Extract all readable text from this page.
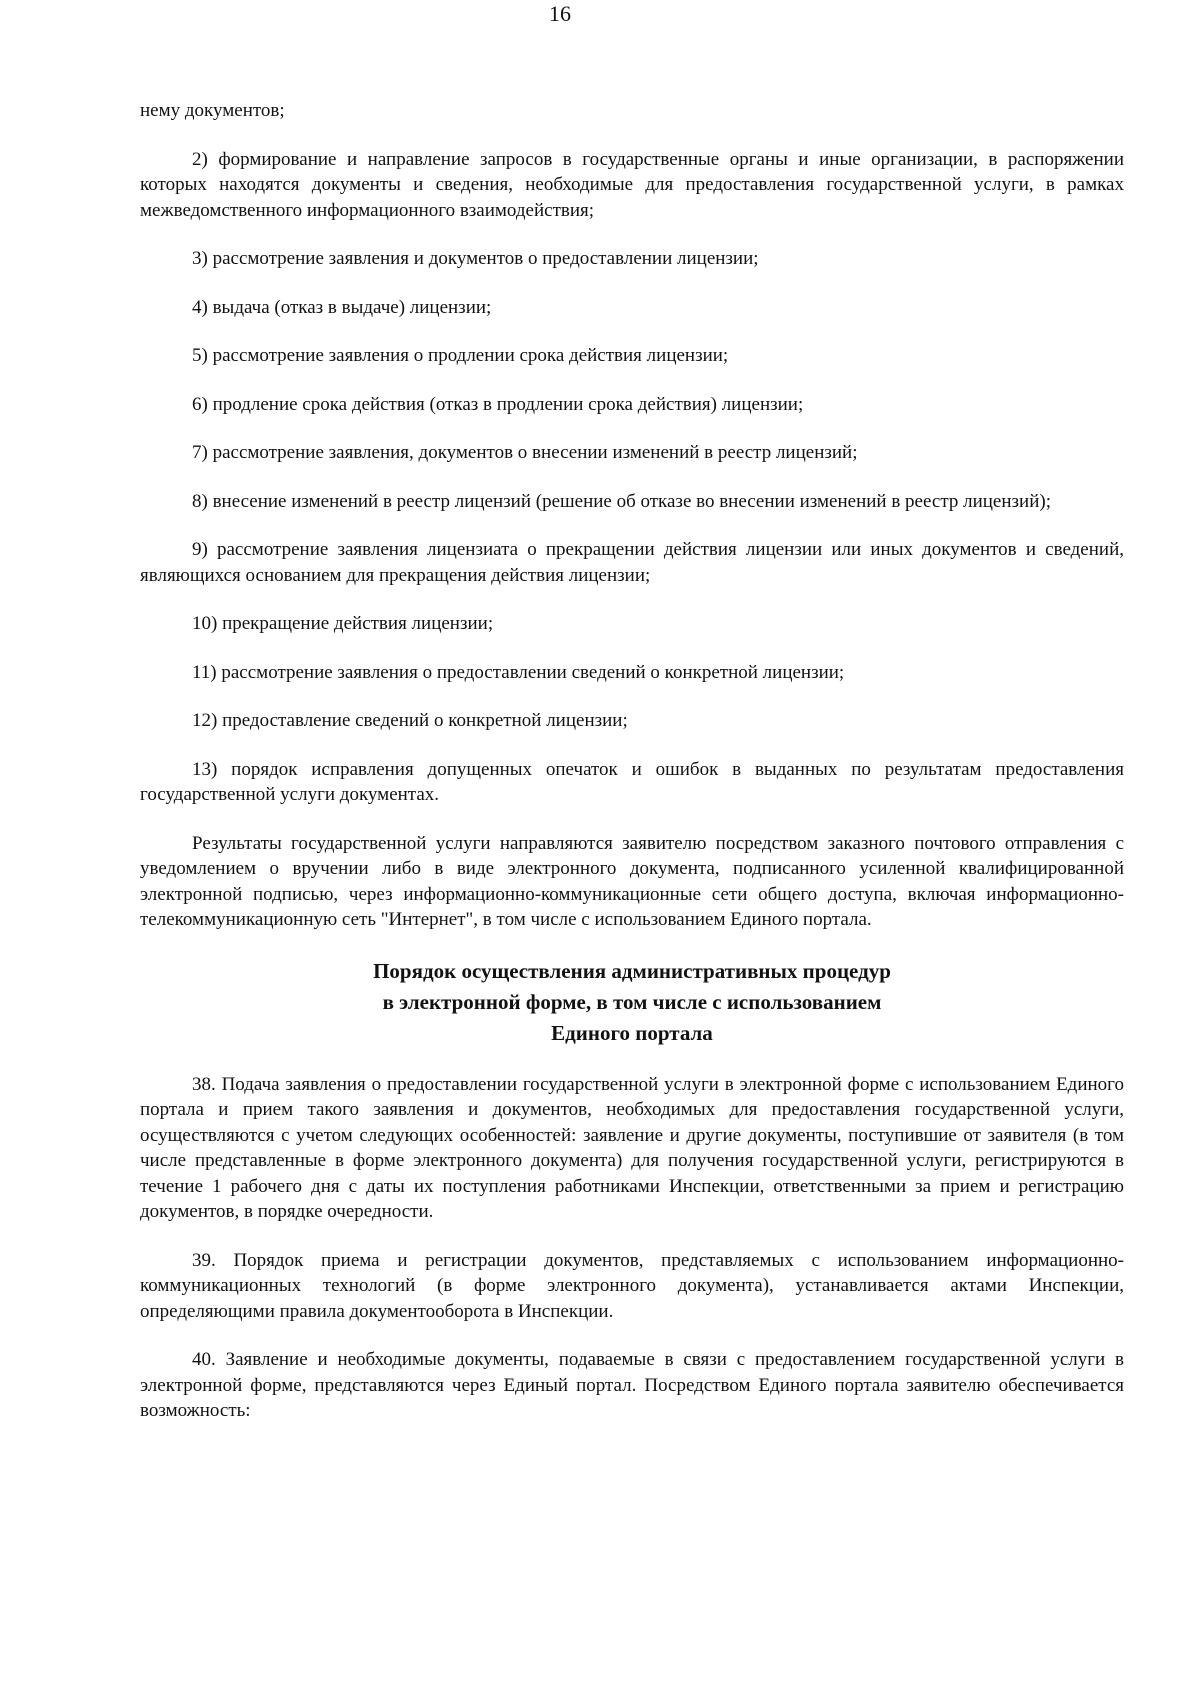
16

нему документов;

2) формирование и направление запросов в государственные органы и иные организации, в распоряжении которых находятся документы и сведения, необходимые для предоставления государственной услуги, в рамках межведомственного информационного взаимодействия;

3) рассмотрение заявления и документов о предоставлении лицензии;

4) выдача (отказ в выдаче) лицензии;

5) рассмотрение заявления о продлении срока действия лицензии;

6) продление срока действия (отказ в продлении срока действия) лицензии;

7) рассмотрение заявления, документов о внесении изменений в реестр лицензий;

8) внесение изменений в реестр лицензий (решение об отказе во внесении изменений в реестр лицензий);

9) рассмотрение заявления лицензиата о прекращении действия лицензии или иных документов и сведений, являющихся основанием для прекращения действия лицензии;

10) прекращение действия лицензии;

11) рассмотрение заявления о предоставлении сведений о конкретной лицензии;

12) предоставление сведений о конкретной лицензии;

13) порядок исправления допущенных опечаток и ошибок в выданных по результатам предоставления государственной услуги документах.

Результаты государственной услуги направляются заявителю посредством заказного почтового отправления с уведомлением о вручении либо в виде электронного документа, подписанного усиленной квалифицированной электронной подписью, через информационно-коммуникационные сети общего доступа, включая информационно-телекоммуникационную сеть "Интернет", в том числе с использованием Единого портала.

Порядок осуществления административных процедур
в электронной форме, в том числе с использованием
Единого портала

38. Подача заявления о предоставлении государственной услуги в электронной форме с использованием Единого портала и прием такого заявления и документов, необходимых для предоставления государственной услуги, осуществляются с учетом следующих особенностей: заявление и другие документы, поступившие от заявителя (в том числе представленные в форме электронного документа) для получения государственной услуги, регистрируются в течение 1 рабочего дня с даты их поступления работниками Инспекции, ответственными за прием и регистрацию документов, в порядке очередности.

39. Порядок приема и регистрации документов, представляемых с использованием информационно-коммуникационных технологий (в форме электронного документа), устанавливается актами Инспекции, определяющими правила документооборота в Инспекции.

40. Заявление и необходимые документы, подаваемые в связи с предоставлением государственной услуги в электронной форме, представляются через Единый портал. Посредством Единого портала заявителю обеспечивается возможность:
